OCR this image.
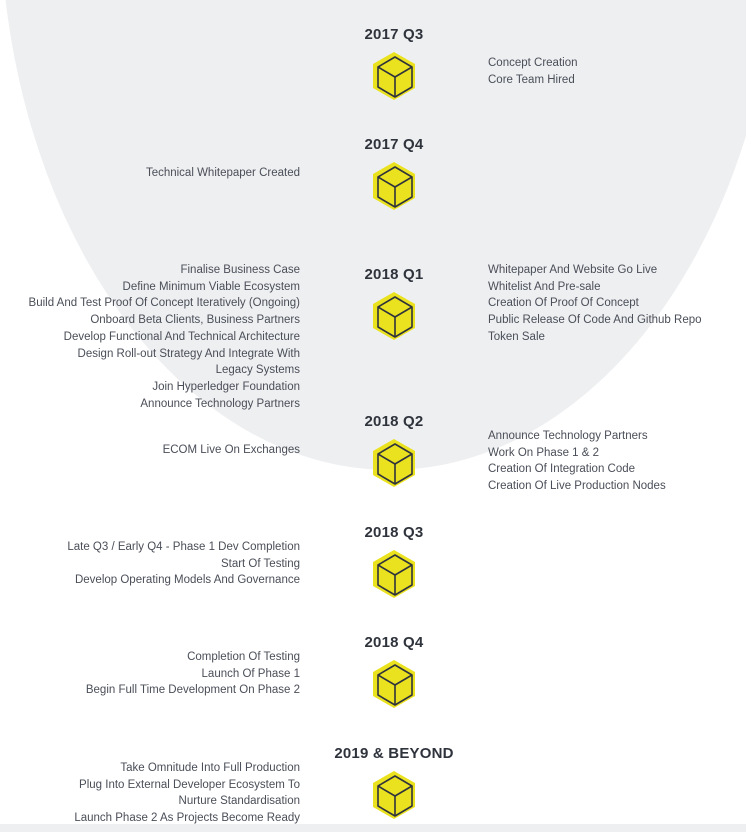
2017 Q3
Concept Creation
Core Team Hired
2017 Q4
Technical Whitepaper Created
2018 Q1
Finalise Business Case
Define Minimum Viable Ecosystem
Build And Test Proof Of Concept Iteratively (Ongoing)
Onboard Beta Clients, Business Partners
Develop Functional And Technical Architecture
Design Roll-out Strategy And Integrate With
Legacy Systems
Join Hyperledger Foundation
Announce Technology Partners
Whitepaper And Website Go Live
Whitelist And Pre-sale
Creation Of Proof Of Concept
Public Release Of Code And Github Repo
Token Sale
2018 Q2
ECOM Live On Exchanges
Announce Technology Partners
Work On Phase 1 & 2
Creation Of Integration Code
Creation Of Live Production Nodes
2018 Q3
Late Q3 / Early Q4 - Phase 1 Dev Completion
Start Of Testing
Develop Operating Models And Governance
2018 Q4
Completion Of Testing
Launch Of Phase 1
Begin Full Time Development On Phase 2
2019 & BEYOND
Take Omnitude Into Full Production
Plug Into External Developer Ecosystem To
Nurture Standardisation
Launch Phase 2 As Projects Become Ready
